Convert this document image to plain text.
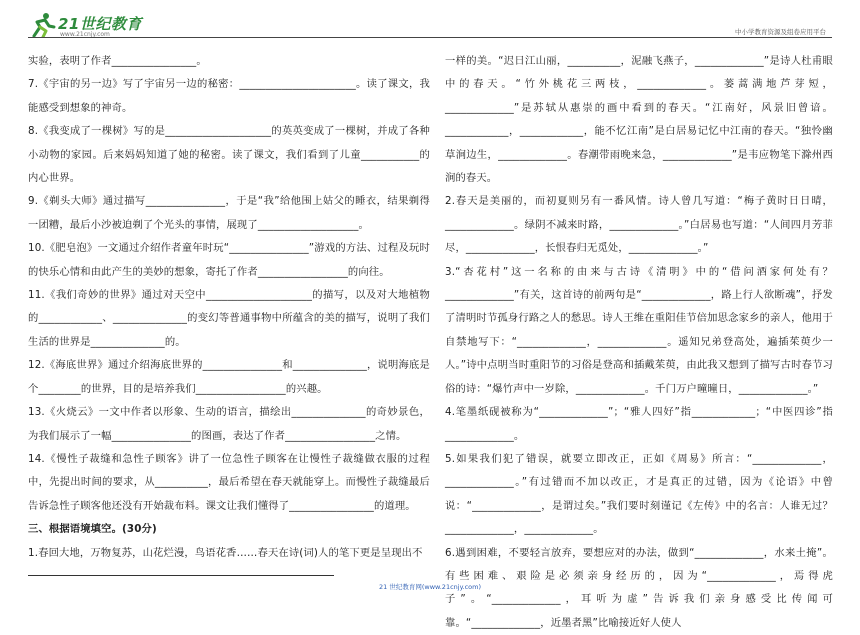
21世纪教育
www.21cnjy.com	中小学教育资源及组卷应用平台

实验，表明了作者________________。

7.《宇宙的另一边》写了宇宙另一边的秘密：______________________。读了课文，我能感受到想象的神奇。

8.《我变成了一棵树》写的是____________________的英英变成了一棵树，并成了各种小动物的家园。后来妈妈知道了她的秘密。读了课文，我们看到了儿童___________的内心世界。

9.《剃头大师》通过描写_______________，于是“我”给他围上姑父的睡衣，结果剃得一团糟，最后小沙被迫剃了个光头的事情，展现了___________________。

10.《肥皂泡》一文通过介绍作者童年时玩“_______________”游戏的方法、过程及玩时的快乐心情和由此产生的美妙的想象，寄托了作者_________________的向往。

11.《我们奇妙的世界》通过对天空中____________________的描写，以及对大地植物的____________、______________的变幻等普通事物中所蕴含的美的描写，说明了我们生活的世界是______________的。

12.《海底世界》通过介绍海底世界的_______________和______________，说明海底是个________的世界，目的是培养我们_________________的兴趣。

13.《火烧云》一文中作者以形象、生动的语言，描绘出______________的奇妙景色，为我们展示了一幅_______________的图画，表达了作者_________________之情。

14.《慢性子裁缝和急性子顾客》讲了一位急性子顾客在让慢性子裁缝做衣服的过程中，先提出时间的要求，从__________，最后希望在春天就能穿上。而慢性子裁缝最后告诉急性子顾客他还没有开始裁布料。课文让我们懂得了________________的道理。

三、根据语境填空。(30分)

1.春回大地，万物复苏，山花烂漫，鸟语花香……春天在诗(词)人的笔下更是呈现出不

一样的美。“迟日江山丽，__________，泥融飞燕子，_____________”是诗人杜甫眼中的春天。“竹外桃花三两枝，_____________。蒌蒿满地芦芽短，_____________”是苏轼从惠崇的画中看到的春天。“江南好，风景旧曾谙。____________，____________，能不忆江南”是白居易记忆中江南的春天。“独怜幽草涧边生，_____________。春潮带雨晚来急，_____________”是韦应物笔下滁州西涧的春天。

2.春天是美丽的，而初夏则另有一番风情。诗人曾几写道：“梅子黄时日日晴，_____________。绿阴不减来时路，_____________。”白居易也写道：“人间四月芳菲尽，_____________，长恨春归无觅处，_____________。”

3.“杏花村”这一名称的由来与古诗《清明》中的“借问酒家何处有？_____________”有关，这首诗的前两句是“_____________，路上行人欲断魂”，抒发了清明时节孤身行路之人的愁思。诗人王维在重阳佳节倍加思念家乡的亲人，他用于自禁地写下：“_____________，_____________。遥知兄弟登高处，遍插茱萸少一人。”诗中点明当时重阳节的习俗是登高和插戴茱萸，由此我又想到了描写古时春节习俗的诗：“爆竹声中一岁除，_____________。千门万户曈曈日，_____________。”

4.笔墨纸砚被称为“_____________”；“雅人四好”指____________；“中医四诊”指_____________。

5.如果我们犯了错误，就要立即改正，正如《周易》所言：“_____________，_____________。”有过错而不加以改正，才是真正的过错，因为《论语》中曾说：“_____________，是谓过矣。”我们要时刻谨记《左传》中的名言：人谁无过？_____________，_____________。

6.遇到困难，不要轻言放弃，要想应对的办法，做到“_____________，水来土掩”。有些困难、艰险是必须亲身经历的，因为“_____________，焉得虎子”。“_____________，耳听为虚”告诉我们亲身感受比传闻可靠。“_____________，近墨者黑”比喻接近好人使人

21 世纪教育网(www.21cnjy.com)
